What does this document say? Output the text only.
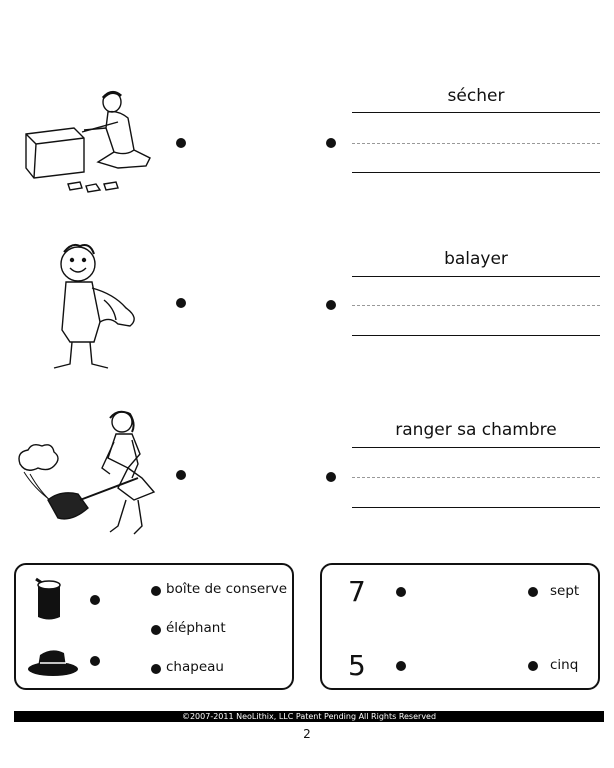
sécher
balayer
ranger sa chambre
boîte de conserve
éléphant
chapeau
7
5
sept
cinq
©2007-2011 NeoLithix, LLC Patent Pending All Rights Reserved
2
